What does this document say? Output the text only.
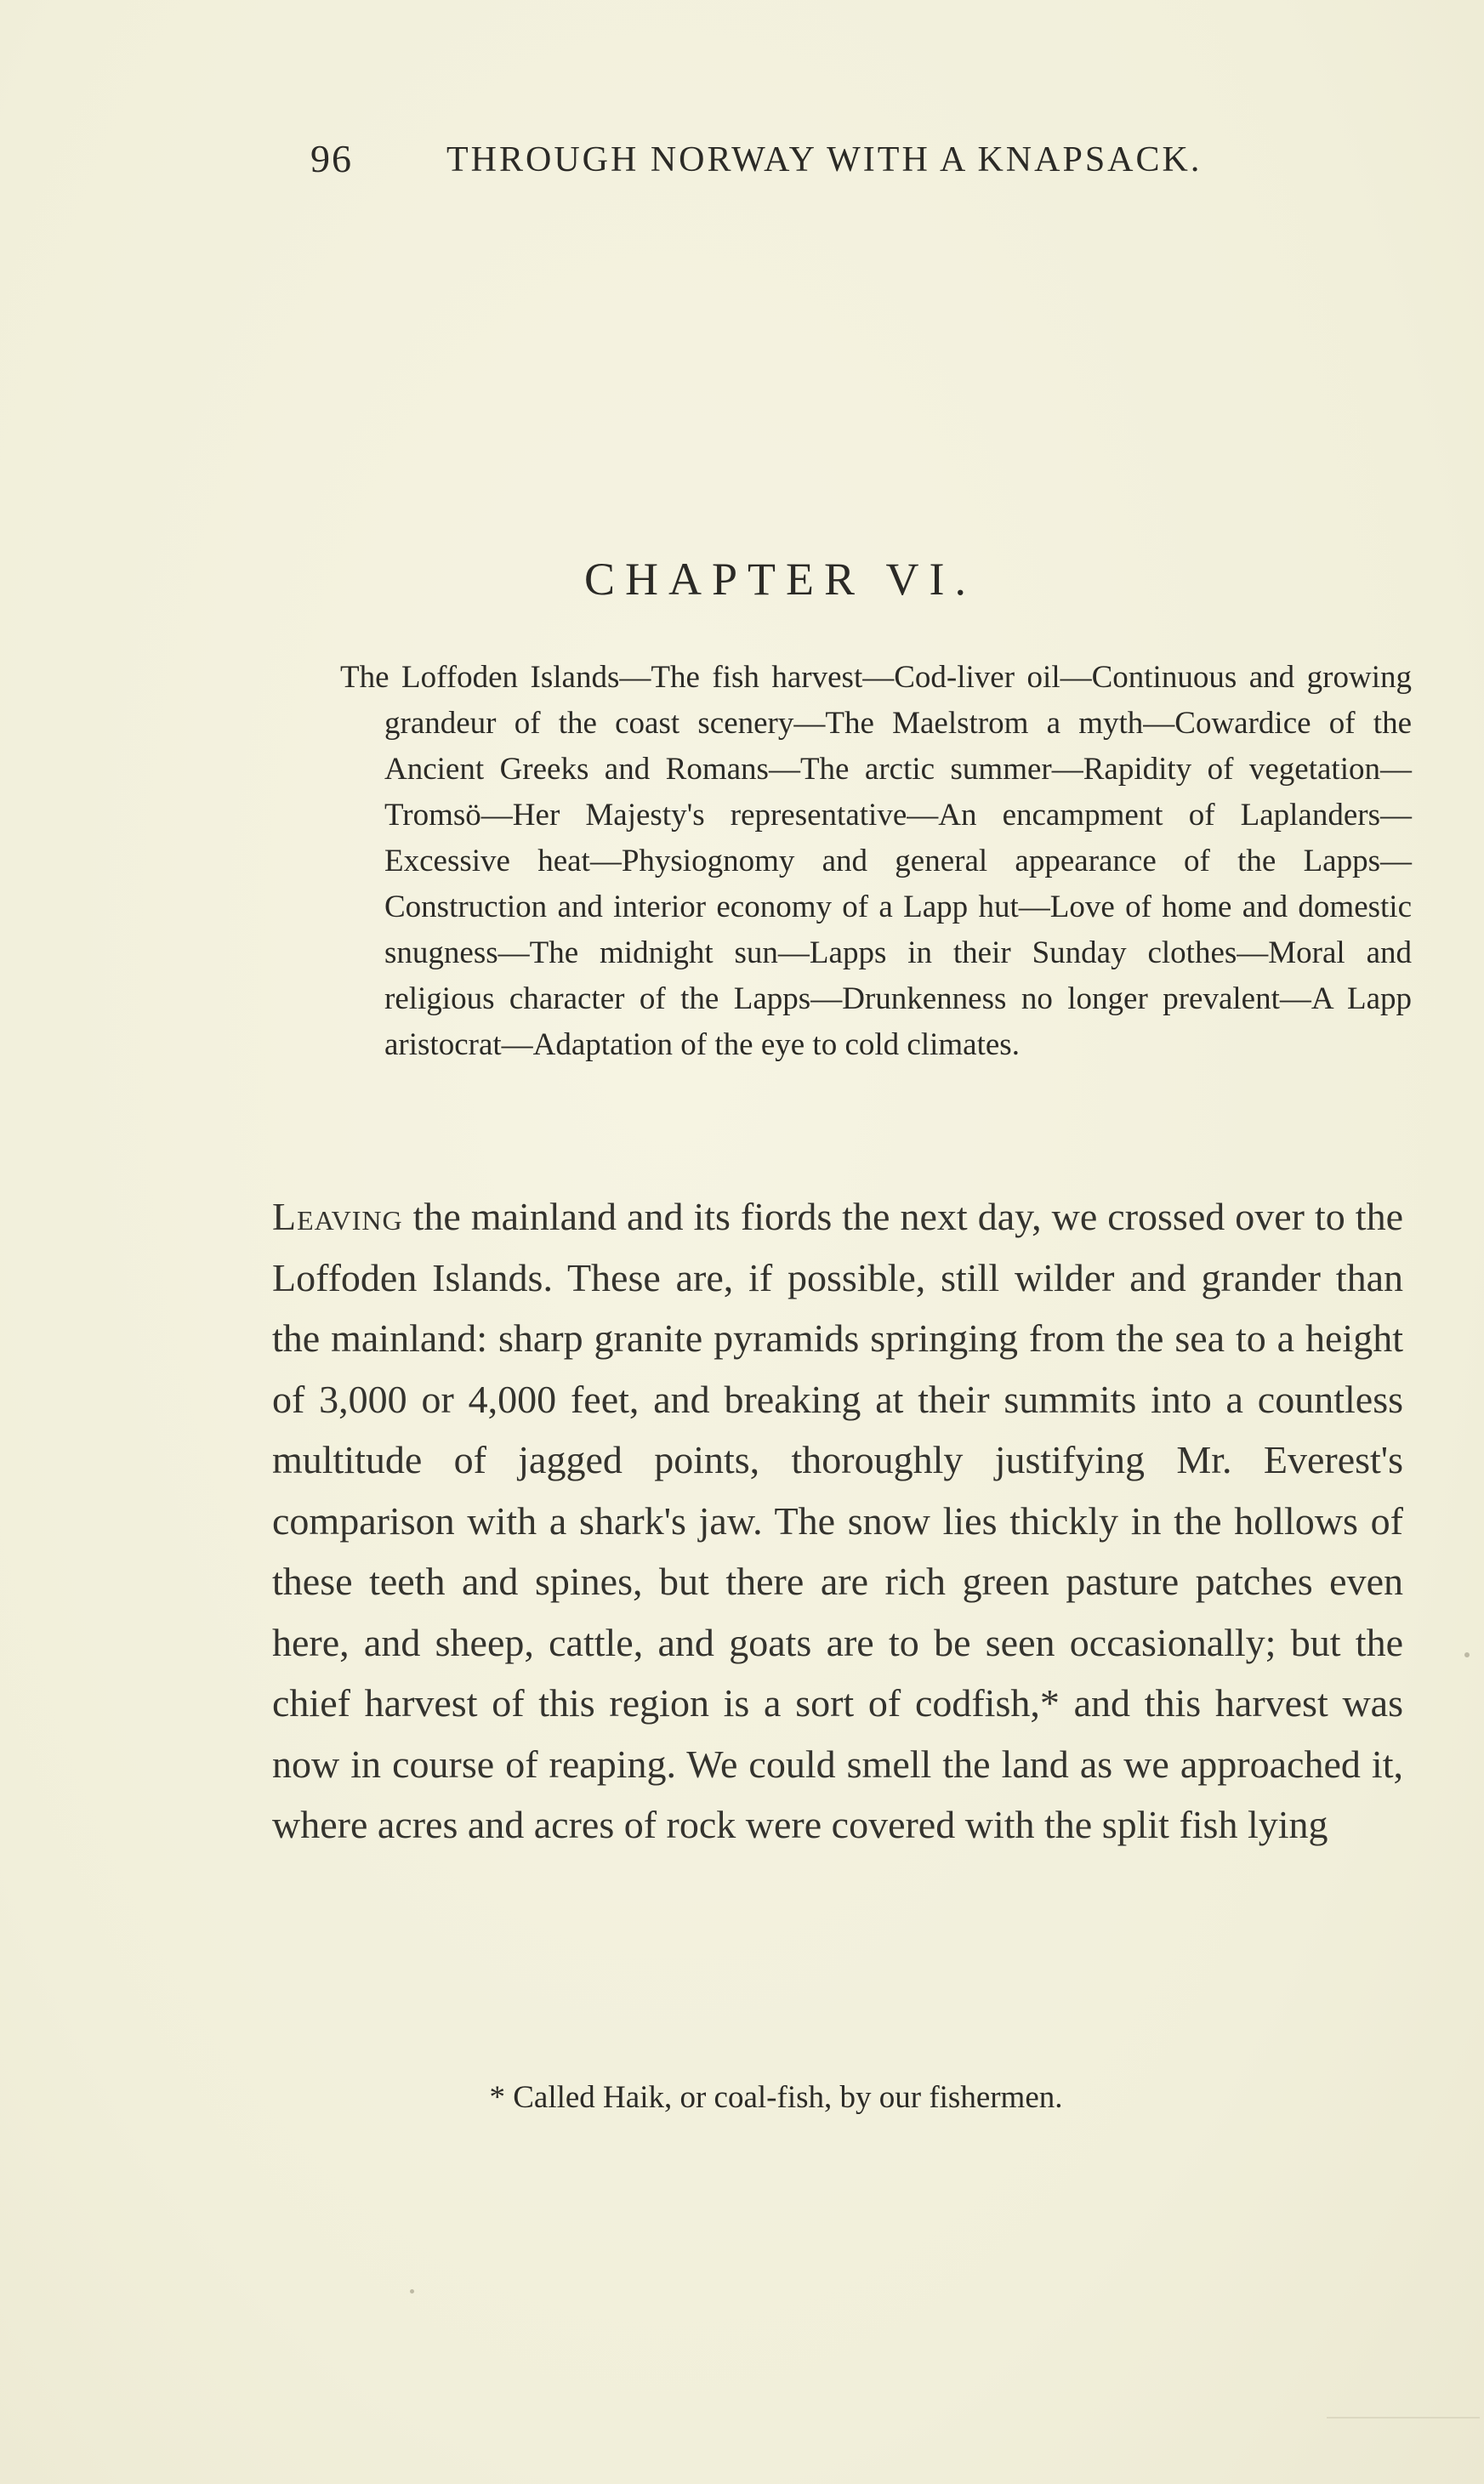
96	THROUGH NORWAY WITH A KNAPSACK.
CHAPTER VI.
The Loffoden Islands—The fish harvest—Cod-liver oil—Continuous and growing grandeur of the coast scenery—The Maelstrom a myth—Cowardice of the Ancient Greeks and Romans—The arctic summer—Rapidity of vegetation—Tromsö—Her Majesty's representative—An encampment of Laplanders—Excessive heat—Physiognomy and general appearance of the Lapps—Construction and interior economy of a Lapp hut—Love of home and domestic snugness—The midnight sun—Lapps in their Sunday clothes—Moral and religious character of the Lapps—Drunkenness no longer prevalent—A Lapp aristocrat—Adaptation of the eye to cold climates.
Leaving the mainland and its fiords the next day, we crossed over to the Loffoden Islands. These are, if possible, still wilder and grander than the mainland: sharp granite pyramids springing from the sea to a height of 3,000 or 4,000 feet, and breaking at their summits into a countless multitude of jagged points, thoroughly justifying Mr. Everest's comparison with a shark's jaw. The snow lies thickly in the hollows of these teeth and spines, but there are rich green pasture patches even here, and sheep, cattle, and goats are to be seen occasionally; but the chief harvest of this region is a sort of codfish,* and this harvest was now in course of reaping. We could smell the land as we approached it, where acres and acres of rock were covered with the split fish lying
* Called Haik, or coal-fish, by our fishermen.
